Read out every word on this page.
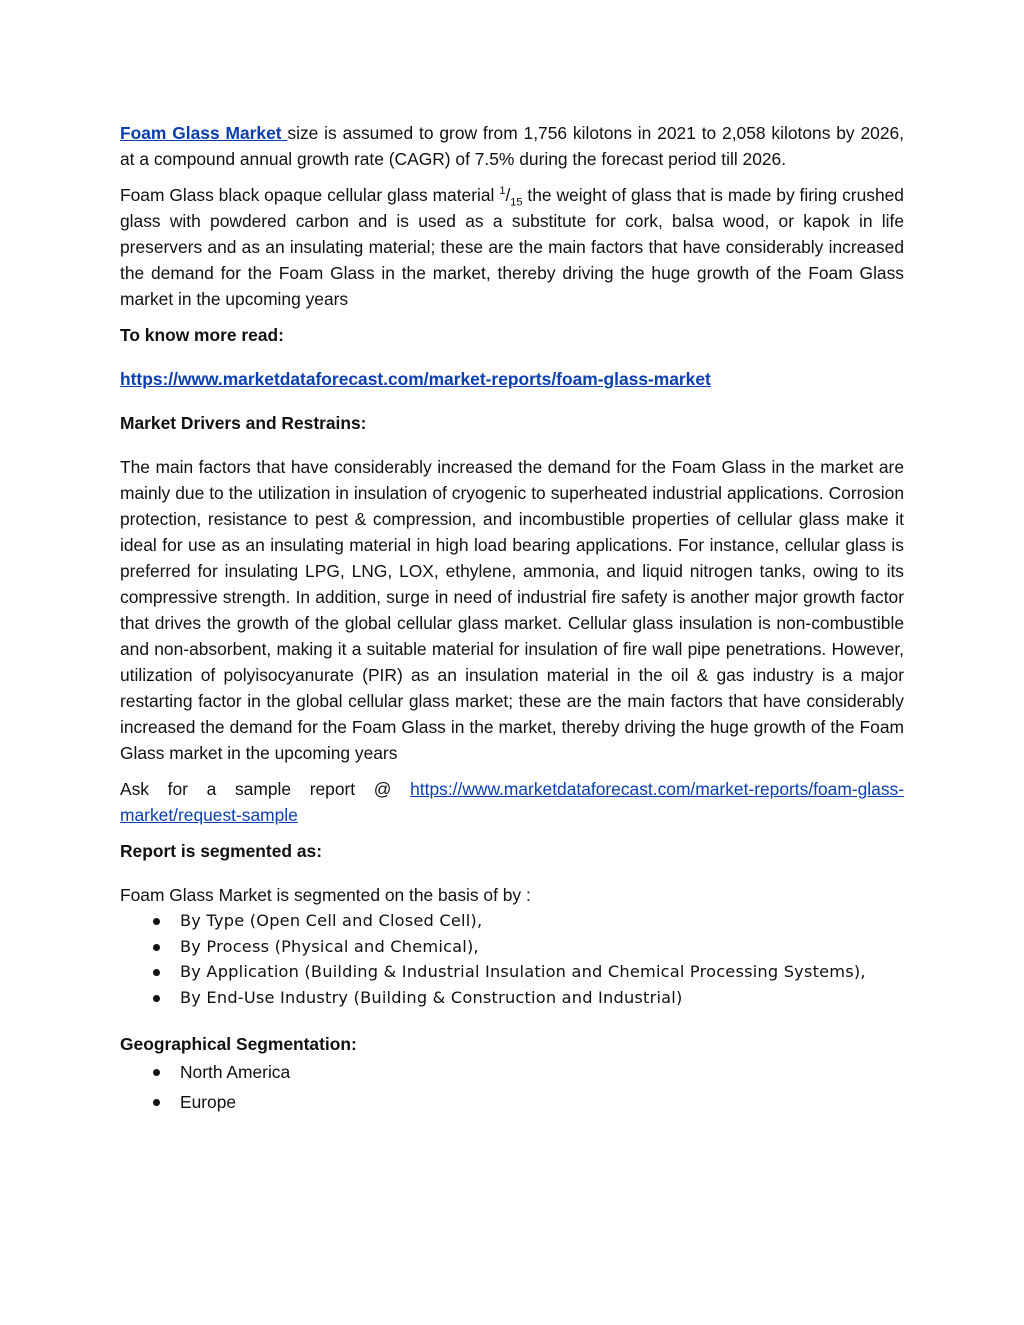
Foam Glass Market size is assumed to grow from 1,756 kilotons in 2021 to 2,058 kilotons by 2026, at a compound annual growth rate (CAGR) of 7.5% during the forecast period till 2026.

Foam Glass black opaque cellular glass material $^1/_{15}$ the weight of glass that is made by firing crushed glass with powdered carbon and is used as a substitute for cork, balsa wood, or kapok in life preservers and as an insulating material; these are the main factors that have considerably increased the demand for the Foam Glass in the market, thereby driving the huge growth of the Foam Glass market in the upcoming years

To know more read:

https://www.marketdataforecast.com/market-reports/foam-glass-market

Market Drivers and Restrains:

The main factors that have considerably increased the demand for the Foam Glass in the market are mainly due to the utilization in insulation of cryogenic to superheated industrial applications. Corrosion protection, resistance to pest & compression, and incombustible properties of cellular glass make it ideal for use as an insulating material in high load bearing applications. For instance, cellular glass is preferred for insulating LPG, LNG, LOX, ethylene, ammonia, and liquid nitrogen tanks, owing to its compressive strength. In addition, surge in need of industrial fire safety is another major growth factor that drives the growth of the global cellular glass market. Cellular glass insulation is non-combustible and non-absorbent, making it a suitable material for insulation of fire wall pipe penetrations. However, utilization of polyisocyanurate (PIR) as an insulation material in the oil & gas industry is a major restarting factor in the global cellular glass market; these are the main factors that have considerably increased the demand for the Foam Glass in the market, thereby driving the huge growth of the Foam Glass market in the upcoming years

Ask for a sample report @ https://www.marketdataforecast.com/market-reports/foam-glass-market/request-sample

Report is segmented as:

Foam Glass Market is segmented on the basis of by :

By Type (Open Cell and Closed Cell),
By Process (Physical and Chemical),
By Application (Building & Industrial Insulation and Chemical Processing Systems),
By End-Use Industry (Building & Construction and Industrial)

Geographical Segmentation:

North America
Europe
